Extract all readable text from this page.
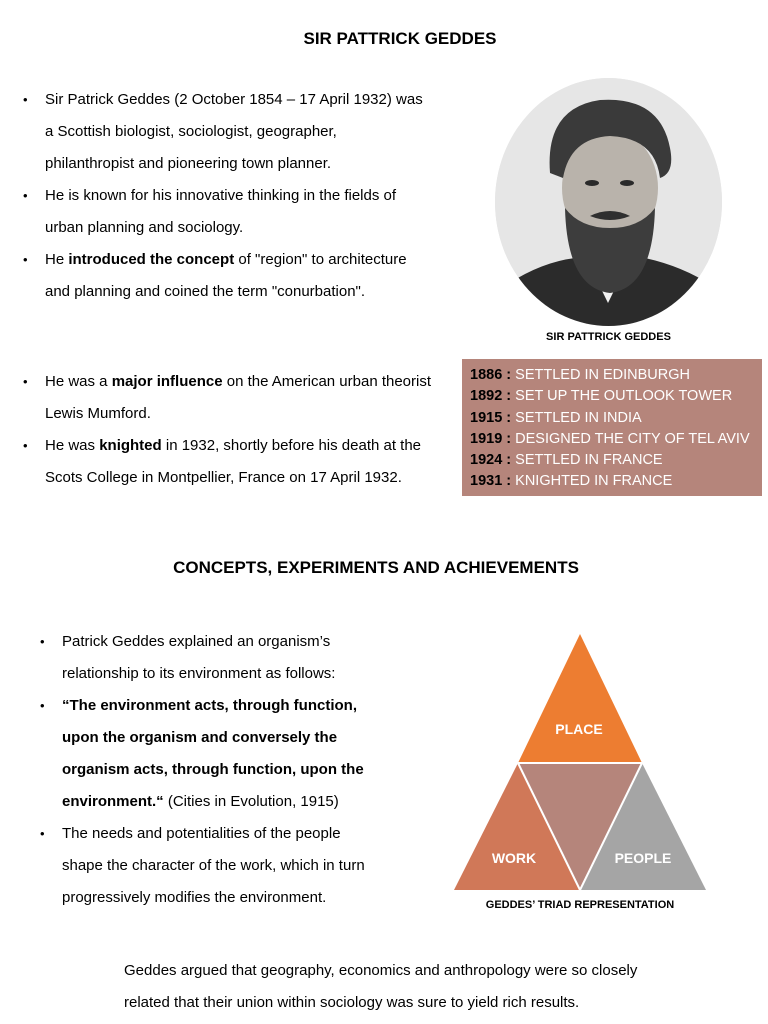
SIR PATTRICK GEDDES
• Sir Patrick Geddes (2 October 1854 – 17 April 1932) was a Scottish biologist, sociologist, geographer, philanthropist and pioneering town planner.
• He is known for his innovative thinking in the fields of urban planning and sociology.
• He introduced the concept of "region" to architecture and planning and coined the term "conurbation".
• He was a major influence on the American urban theorist Lewis Mumford.
• He was knighted in 1932, shortly before his death at the Scots College in Montpellier, France on 17 April 1932.
SIR PATTRICK GEDDES
1886 : SETTLED IN EDINBURGH
1892 : SET UP THE OUTLOOK TOWER
1915 : SETTLED IN INDIA
1919 : DESIGNED THE CITY OF TEL AVIV
1924 : SETTLED IN FRANCE
1931 : KNIGHTED IN FRANCE
CONCEPTS, EXPERIMENTS AND ACHIEVEMENTS
• Patrick Geddes explained an organism’s relationship to its environment as follows:
• “The environment acts, through function, upon the organism and conversely the organism acts, through function, upon the environment.“ (Cities in Evolution, 1915)
• The needs and potentialities of the people shape the character of the work, which in turn progressively modifies the environment.
PLACE
WORK	PEOPLE
GEDDES’ TRIAD REPRESENTATION
Geddes argued that geography, economics and anthropology were so closely related that their union within sociology was sure to yield rich results.
